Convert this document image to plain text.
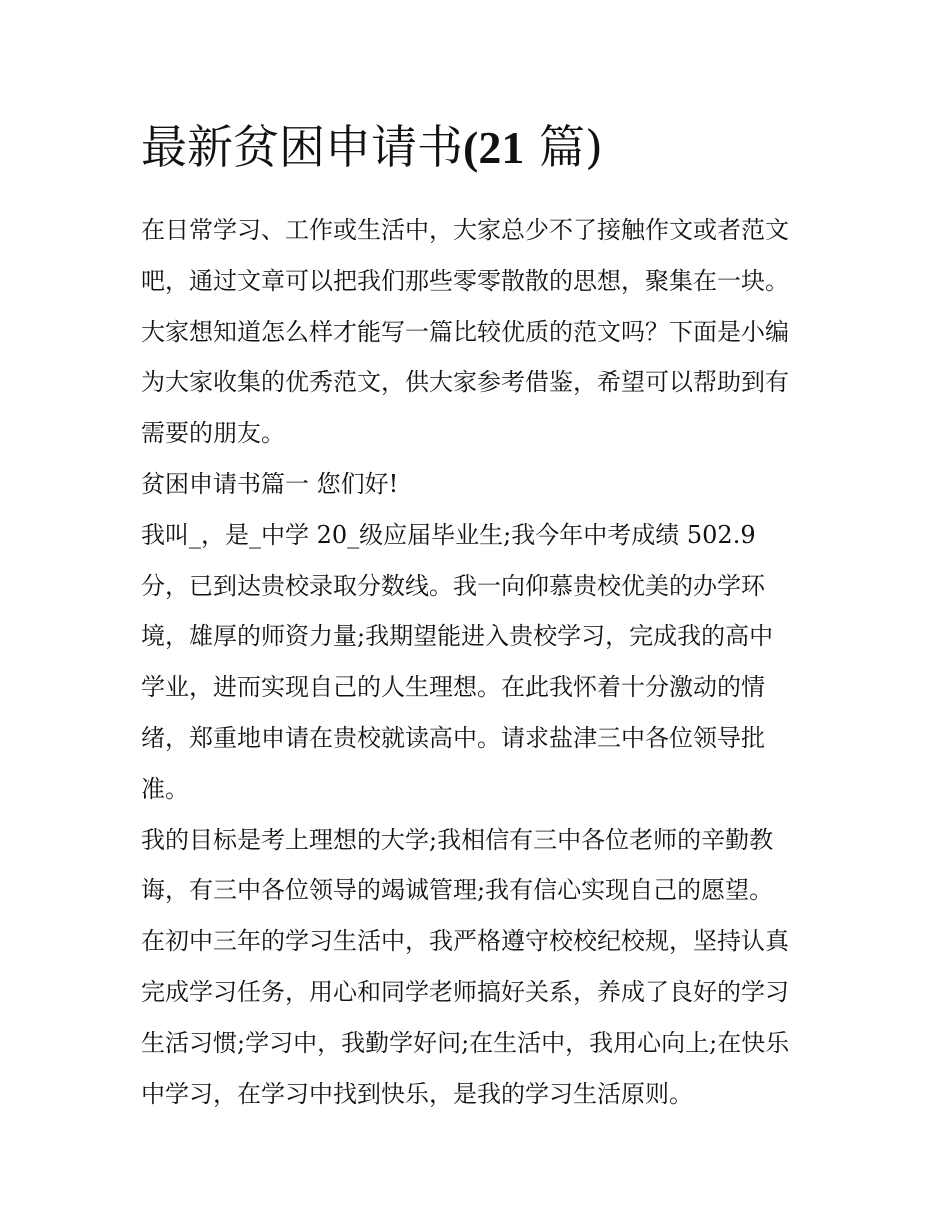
最新贫困申请书(21 篇)

在日常学习、工作或生活中，大家总少不了接触作文或者范文
吧，通过文章可以把我们那些零零散散的思想，聚集在一块。
大家想知道怎么样才能写一篇比较优质的范文吗？下面是小编
为大家收集的优秀范文，供大家参考借鉴，希望可以帮助到有
需要的朋友。

贫困申请书篇一 您们好!

我叫_，是_中学 20_级应届毕业生;我今年中考成绩 502.9
分，已到达贵校录取分数线。我一向仰慕贵校优美的办学环
境，雄厚的师资力量;我期望能进入贵校学习，完成我的高中
学业，进而实现自己的人生理想。在此我怀着十分激动的情
绪，郑重地申请在贵校就读高中。请求盐津三中各位领导批
准。

我的目标是考上理想的大学;我相信有三中各位老师的辛勤教
诲，有三中各位领导的竭诚管理;我有信心实现自己的愿望。

在初中三年的学习生活中，我严格遵守校校纪校规，坚持认真
完成学习任务，用心和同学老师搞好关系，养成了良好的学习
生活习惯;学习中，我勤学好问;在生活中，我用心向上;在快乐
中学习，在学习中找到快乐，是我的学习生活原则。
